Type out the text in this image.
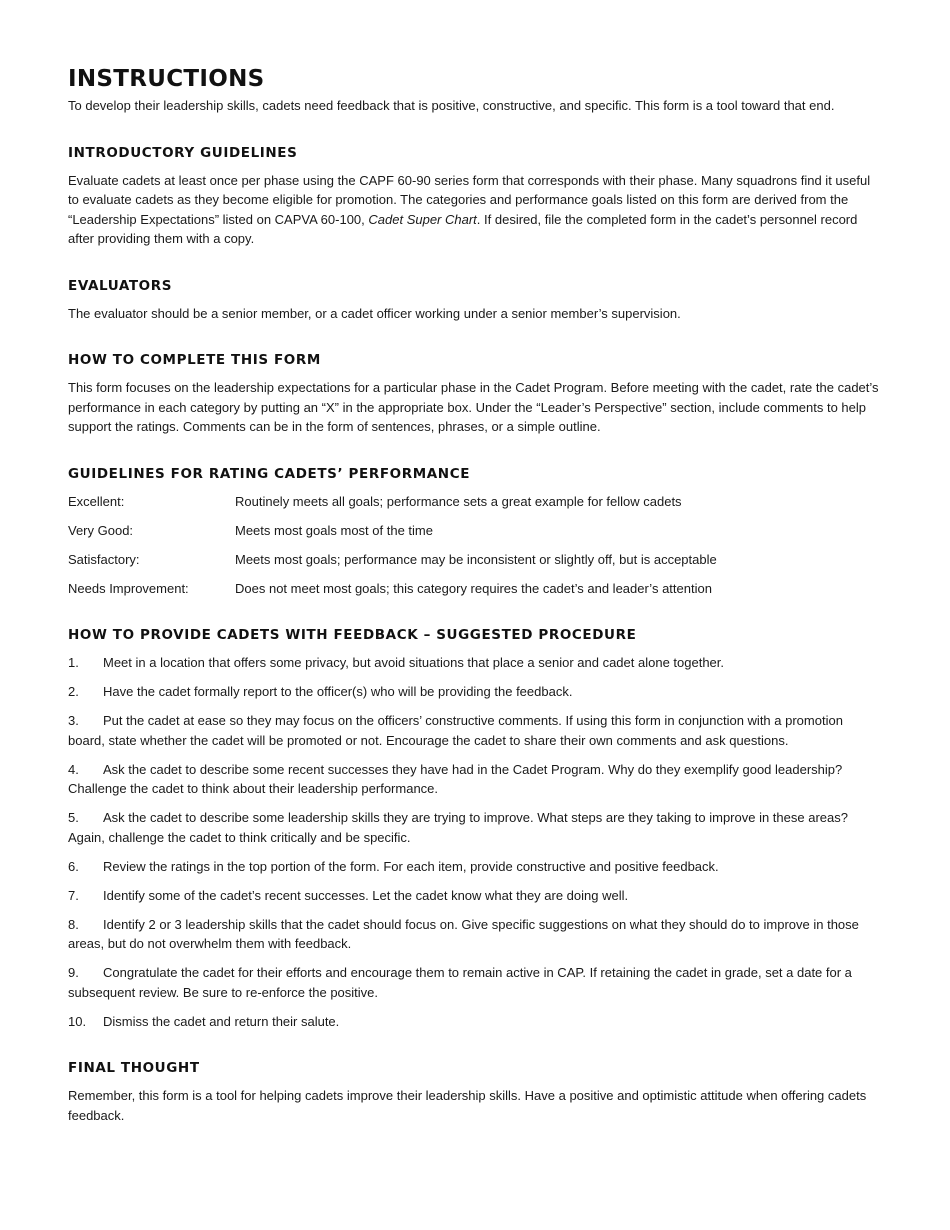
INSTRUCTIONS

To develop their leadership skills, cadets need feedback that is positive, constructive, and specific. This form is a tool toward that end.

INTRODUCTORY GUIDELINES

Evaluate cadets at least once per phase using the CAPF 60-90 series form that corresponds with their phase. Many squadrons find it useful to evaluate cadets as they become eligible for promotion. The categories and performance goals listed on this form are derived from the “Leadership Expectations” listed on CAPVA 60-100, Cadet Super Chart. If desired, file the completed form in the cadet’s personnel record after providing them with a copy.

EVALUATORS

The evaluator should be a senior member, or a cadet officer working under a senior member’s supervision.

HOW TO COMPLETE THIS FORM

This form focuses on the leadership expectations for a particular phase in the Cadet Program. Before meeting with the cadet, rate the cadet’s performance in each category by putting an “X” in the appropriate box. Under the “Leader’s Perspective” section, include comments to help support the ratings. Comments can be in the form of sentences, phrases, or a simple outline.

GUIDELINES FOR RATING CADETS’ PERFORMANCE
Excellent:	Routinely meets all goals; performance sets a great example for fellow cadets
Very Good:	Meets most goals most of the time
Satisfactory:	Meets most goals; performance may be inconsistent or slightly off, but is acceptable
Needs Improvement:	Does not meet most goals; this category requires the cadet’s and leader’s attention
HOW TO PROVIDE CADETS WITH FEEDBACK – SUGGESTED PROCEDURE
1. Meet in a location that offers some privacy, but avoid situations that place a senior and cadet alone together.
2. Have the cadet formally report to the officer(s) who will be providing the feedback.
3. Put the cadet at ease so they may focus on the officers’ constructive comments. If using this form in conjunction with a promotion board, state whether the cadet will be promoted or not. Encourage the cadet to share their own comments and ask questions.
4. Ask the cadet to describe some recent successes they have had in the Cadet Program. Why do they exemplify good leadership? Challenge the cadet to think about their leadership performance.
5. Ask the cadet to describe some leadership skills they are trying to improve. What steps are they taking to improve in these areas? Again, challenge the cadet to think critically and be specific.
6. Review the ratings in the top portion of the form. For each item, provide constructive and positive feedback.
7. Identify some of the cadet’s recent successes. Let the cadet know what they are doing well.
8. Identify 2 or 3 leadership skills that the cadet should focus on. Give specific suggestions on what they should do to improve in those areas, but do not overwhelm them with feedback.
9. Congratulate the cadet for their efforts and encourage them to remain active in CAP. If retaining the cadet in grade, set a date for a subsequent review. Be sure to re-enforce the positive.
10. Dismiss the cadet and return their salute.
FINAL THOUGHT

Remember, this form is a tool for helping cadets improve their leadership skills. Have a positive and optimistic attitude when offering cadets feedback.
